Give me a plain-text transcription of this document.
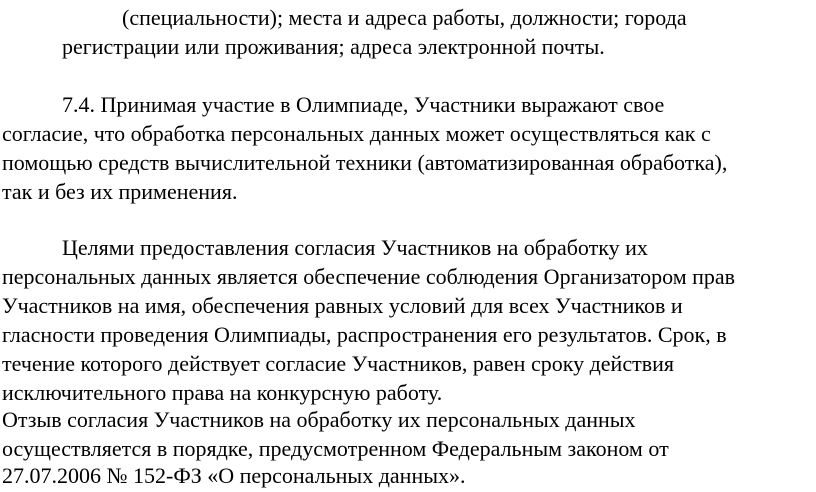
(специальности); места и адреса работы, должности; города
регистрации или проживания; адреса электронной почты.
7.4. Принимая участие в Олимпиаде, Участники выражают свое
согласие, что обработка персональных данных может осуществляться как с
помощью средств вычислительной техники (автоматизированная обработка),
так и без их применения.
Целями предоставления согласия Участников на обработку их
персональных данных является обеспечение соблюдения Организатором прав
Участников на имя, обеспечения равных условий для всех Участников и
гласности проведения Олимпиады, распространения его результатов. Срок, в
течение которого действует согласие Участников, равен сроку действия
исключительного права на конкурсную работу.
Отзыв согласия Участников на обработку их персональных данных
осуществляется в порядке, предусмотренном Федеральным законом от
27.07.2006 № 152-ФЗ «О персональных данных».
